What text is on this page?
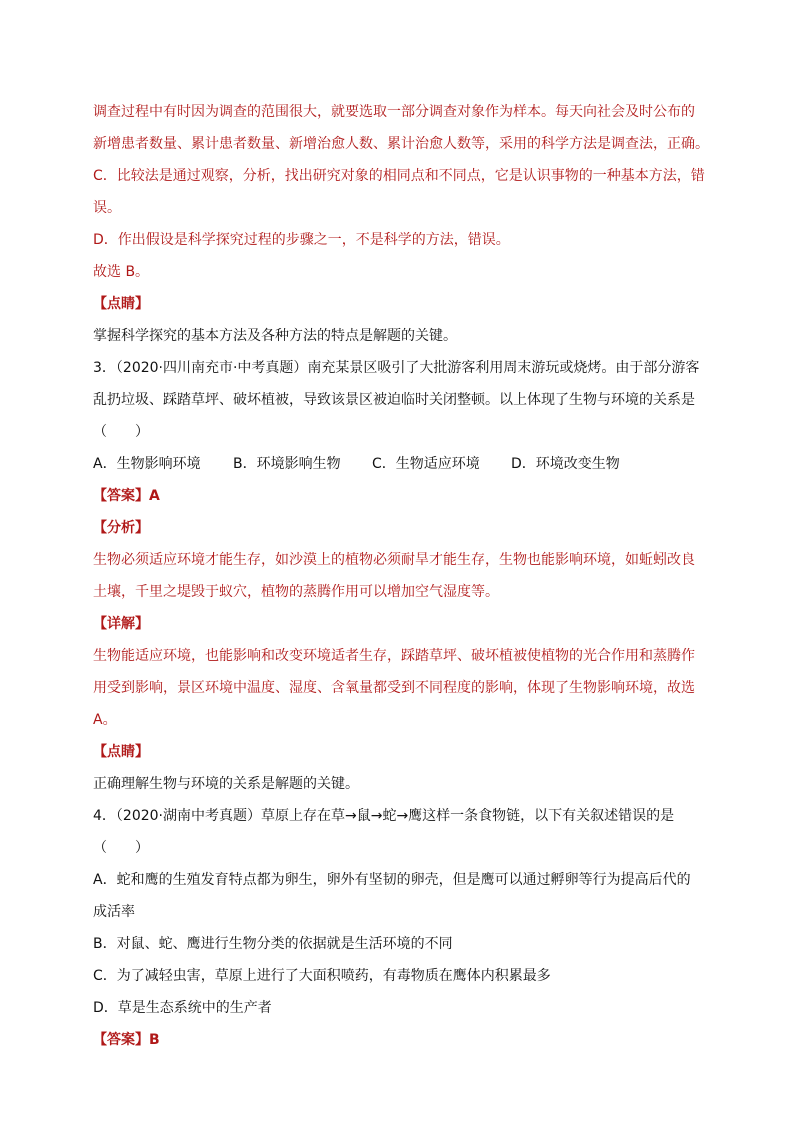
调查过程中有时因为调查的范围很大，就要选取一部分调查对象作为样本。每天向社会及时公布的
新增患者数量、累计患者数量、新增治愈人数、累计治愈人数等，采用的科学方法是调查法，正确。
C．比较法是通过观察，分析，找出研究对象的相同点和不同点，它是认识事物的一种基本方法，错
误。
D．作出假设是科学探究过程的步骤之一，不是科学的方法，错误。
故选 B。
【点睛】
掌握科学探究的基本方法及各种方法的特点是解题的关键。
3．（2020·四川南充市·中考真题）南充某景区吸引了大批游客利用周末游玩或烧烤。由于部分游客
乱扔垃圾、踩踏草坪、破坏植被，导致该景区被迫临时关闭整顿。以上体现了生物与环境的关系是
（　　）
A．生物影响环境	B．环境影响生物	C．生物适应环境	D．环境改变生物
【答案】A
【分析】
生物必须适应环境才能生存，如沙漠上的植物必须耐旱才能生存，生物也能影响环境，如蚯蚓改良
土壤，千里之堤毁于蚁穴，植物的蒸腾作用可以增加空气湿度等。
【详解】
生物能适应环境，也能影响和改变环境适者生存，踩踏草坪、破坏植被使植物的光合作用和蒸腾作
用受到影响，景区环境中温度、湿度、含氧量都受到不同程度的影响，体现了生物影响环境，故选
A。
【点睛】
正确理解生物与环境的关系是解题的关键。
4．（2020·湖南中考真题）草原上存在草→鼠→蛇→鹰这样一条食物链，以下有关叙述错误的是
（　　）
A．蛇和鹰的生殖发育特点都为卵生，卵外有坚韧的卵壳，但是鹰可以通过孵卵等行为提高后代的
成活率
B．对鼠、蛇、鹰进行生物分类的依据就是生活环境的不同
C．为了减轻虫害，草原上进行了大面积喷药，有毒物质在鹰体内积累最多
D．草是生态系统中的生产者
【答案】B
